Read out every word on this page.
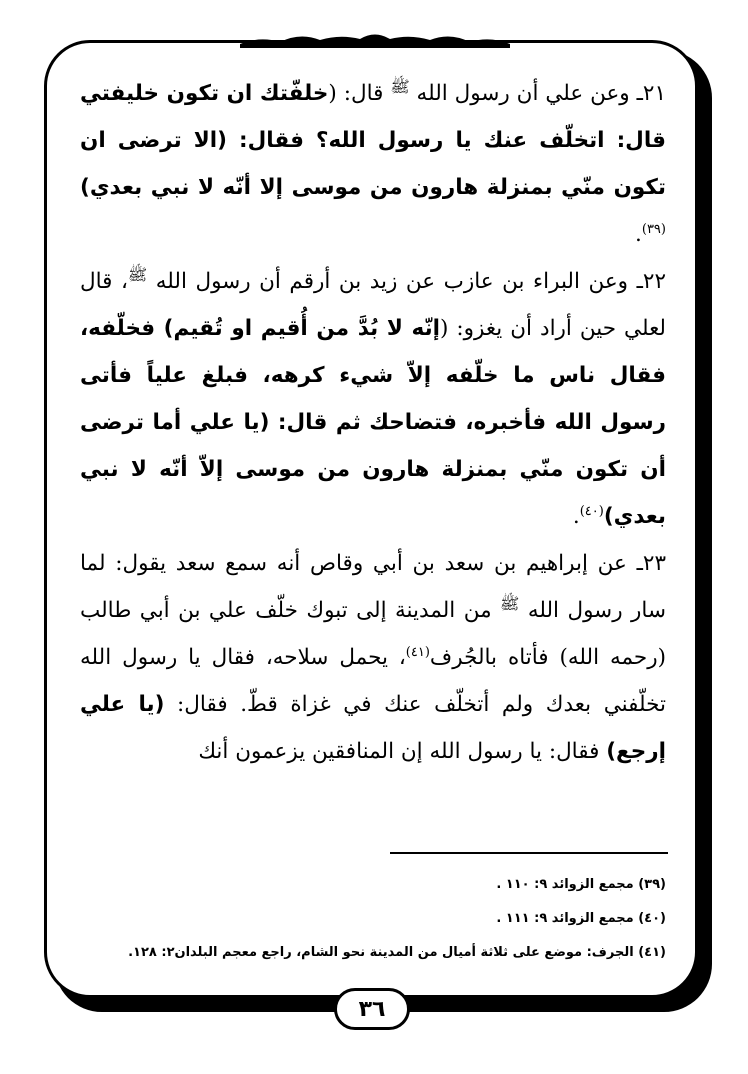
٢١ـ وعن علي أن رسول الله $^ﷺ$ قال: (خلفّتك ان تكون خليفتي قال: اتخلّف عنك يا رسول الله؟ فقال: (الا ترضى ان تكون منّي بمنزلة هارون من موسى إلا أنّه لا نبي بعدي)$^{(٣٩)}$.

٢٢ـ وعن البراء بن عازب عن زيد بن أرقم أن رسول الله $^ﷺ$، قال لعلي حين أراد أن يغزو: (إنّه لا بُدَّ من أُقيم او تُقيم) فخلّفه، فقال ناس ما خلّفه إلاّ شيء كرهه، فبلغ علياً فأتى رسول الله فأخبره، فتضاحك ثم قال: (يا علي أما ترضى أن تكون منّي بمنزلة هارون من موسى إلاّ أنّه لا نبي بعدي)$^{(٤٠)}$.

٢٣ـ عن إبراهيم بن سعد بن أبي وقاص أنه سمع سعد يقول: لما سار رسول الله $^ﷺ$ من المدينة إلى تبوك خلّف علي بن أبي طالب (رحمه الله) فأتاه بالجُرف$^{(٤١)}$، يحمل سلاحه، فقال يا رسول الله تخلّفني بعدك ولم أتخلّف عنك في غزاة قطّ. فقال: (يا علي إرجع) فقال: يا رسول الله إن المنافقين يزعمون أنك

(٣٩) مجمع الزوائد ٩: ١١٠ .

(٤٠) مجمع الزوائد ٩: ١١١ .

(٤١) الجرف: موضع على ثلاثة أميال من المدينة نحو الشام، راجع معجم البلدان٢: ١٢٨.

٣٦
